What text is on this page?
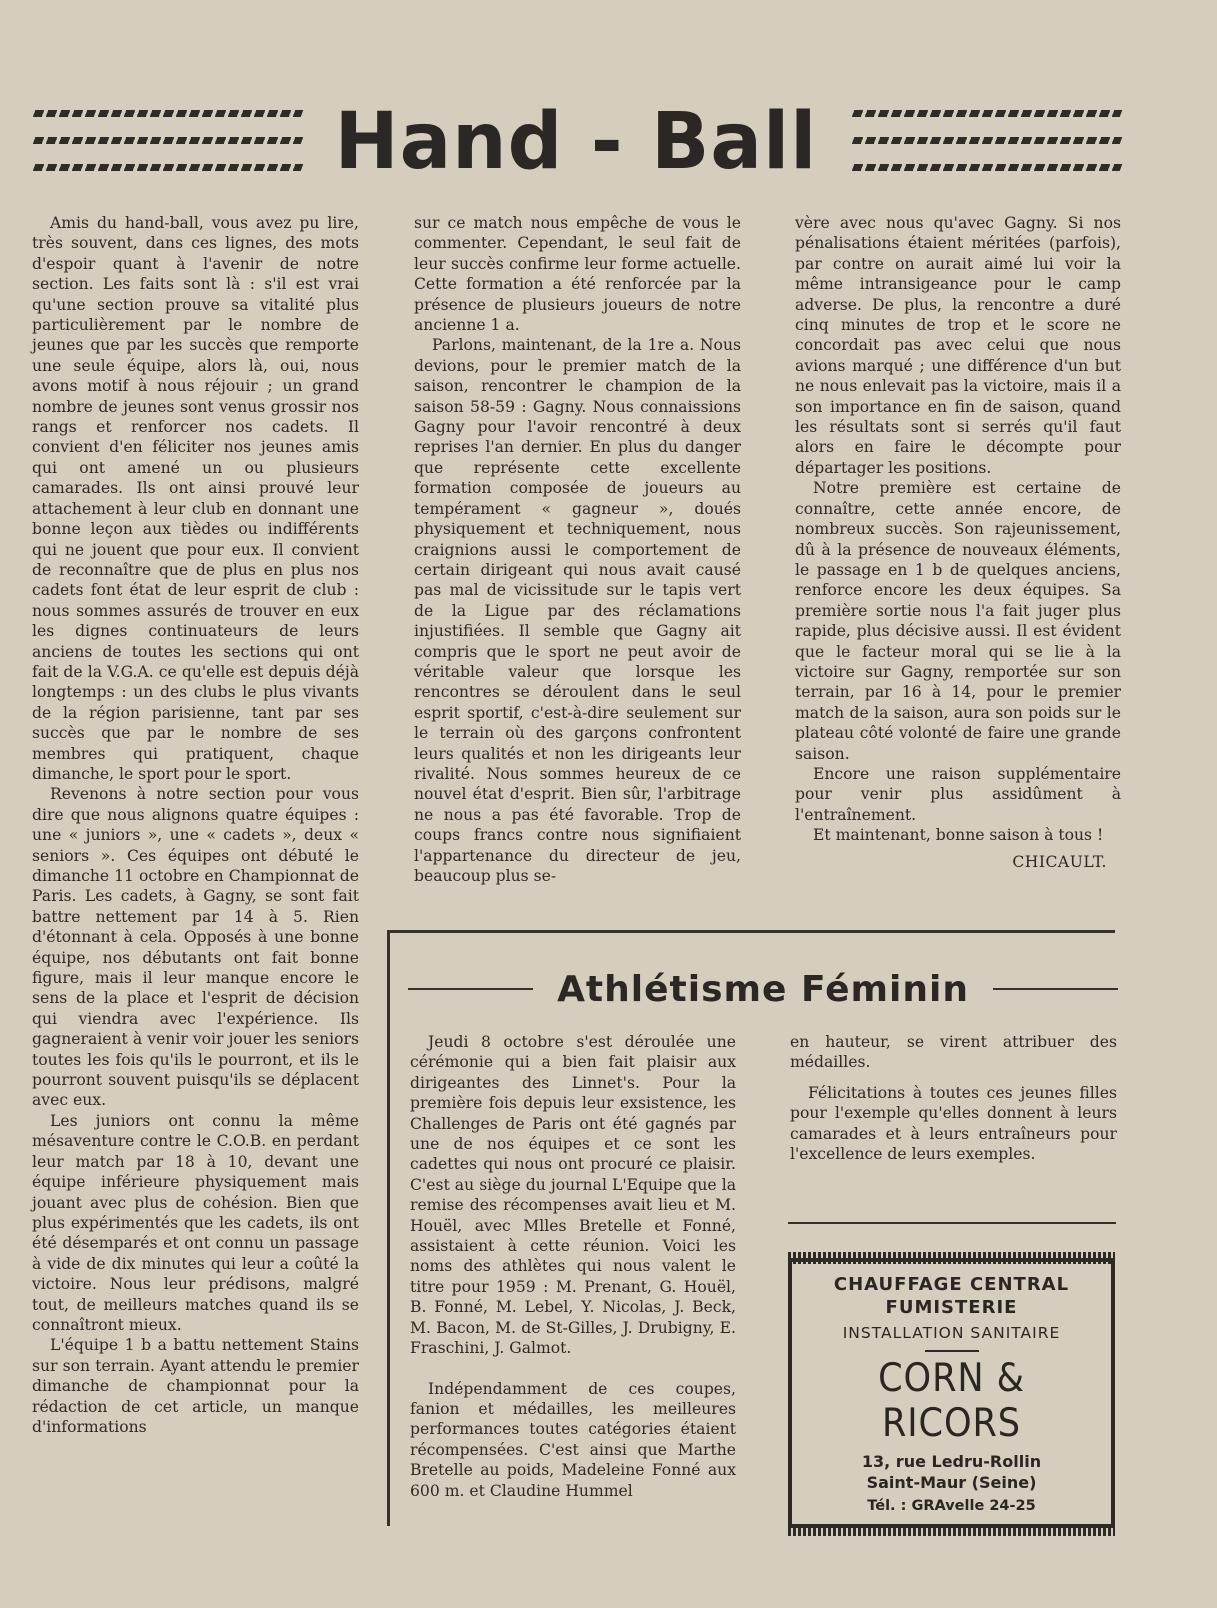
Hand - Ball

Amis du hand-ball, vous avez pu lire, très souvent, dans ces lignes, des mots d'espoir quant à l'avenir de notre section. Les faits sont là : s'il est vrai qu'une section prouve sa vitalité plus particulièrement par le nombre de jeunes que par les succès que remporte une seule équipe, alors là, oui, nous avons motif à nous réjouir ; un grand nombre de jeunes sont venus grossir nos rangs et renforcer nos cadets. Il convient d'en féliciter nos jeunes amis qui ont amené un ou plusieurs camarades. Ils ont ainsi prouvé leur attachement à leur club en donnant une bonne leçon aux tièdes ou indifférents qui ne jouent que pour eux. Il convient de reconnaître que de plus en plus nos cadets font état de leur esprit de club : nous sommes assurés de trouver en eux les dignes continuateurs de leurs anciens de toutes les sections qui ont fait de la V.G.A. ce qu'elle est depuis déjà longtemps : un des clubs le plus vivants de la région parisienne, tant par ses succès que par le nombre de ses membres qui pratiquent, chaque dimanche, le sport pour le sport.

Revenons à notre section pour vous dire que nous alignons quatre équipes : une « juniors », une « cadets », deux « seniors ». Ces équipes ont débuté le dimanche 11 octobre en Championnat de Paris. Les cadets, à Gagny, se sont fait battre nettement par 14 à 5. Rien d'étonnant à cela. Opposés à une bonne équipe, nos débutants ont fait bonne figure, mais il leur manque encore le sens de la place et l'esprit de décision qui viendra avec l'expérience. Ils gagneraient à venir voir jouer les seniors toutes les fois qu'ils le pourront, et ils le pourront souvent puisqu'ils se déplacent avec eux.

Les juniors ont connu la même mésaventure contre le C.O.B. en perdant leur match par 18 à 10, devant une équipe inférieure physiquement mais jouant avec plus de cohésion. Bien que plus expérimentés que les cadets, ils ont été désemparés et ont connu un passage à vide de dix minutes qui leur a coûté la victoire. Nous leur prédisons, malgré tout, de meilleurs matches quand ils se connaîtront mieux.

L'équipe 1 b a battu nettement Stains sur son terrain. Ayant attendu le premier dimanche de championnat pour la rédaction de cet article, un manque d'informations

sur ce match nous empêche de vous le commenter. Cependant, le seul fait de leur succès confirme leur forme actuelle. Cette formation a été renforcée par la présence de plusieurs joueurs de notre ancienne 1 a.

Parlons, maintenant, de la 1re a. Nous devions, pour le premier match de la saison, rencontrer le champion de la saison 58-59 : Gagny. Nous connaissions Gagny pour l'avoir rencontré à deux reprises l'an dernier. En plus du danger que représente cette excellente formation composée de joueurs au tempérament « gagneur », doués physiquement et techniquement, nous craignions aussi le comportement de certain dirigeant qui nous avait causé pas mal de vicissitude sur le tapis vert de la Ligue par des réclamations injustifiées. Il semble que Gagny ait compris que le sport ne peut avoir de véritable valeur que lorsque les rencontres se déroulent dans le seul esprit sportif, c'est-à-dire seulement sur le terrain où des garçons confrontent leurs qualités et non les dirigeants leur rivalité. Nous sommes heureux de ce nouvel état d'esprit. Bien sûr, l'arbitrage ne nous a pas été favorable. Trop de coups francs contre nous signifiaient l'appartenance du directeur de jeu, beaucoup plus se-

vère avec nous qu'avec Gagny. Si nos pénalisations étaient méritées (parfois), par contre on aurait aimé lui voir la même intransigeance pour le camp adverse. De plus, la rencontre a duré cinq minutes de trop et le score ne concordait pas avec celui que nous avions marqué ; une différence d'un but ne nous enlevait pas la victoire, mais il a son importance en fin de saison, quand les résultats sont si serrés qu'il faut alors en faire le décompte pour départager les positions.

Notre première est certaine de connaître, cette année encore, de nombreux succès. Son rajeunissement, dû à la présence de nouveaux éléments, le passage en 1 b de quelques anciens, renforce encore les deux équipes. Sa première sortie nous l'a fait juger plus rapide, plus décisive aussi. Il est évident que le facteur moral qui se lie à la victoire sur Gagny, remportée sur son terrain, par 16 à 14, pour le premier match de la saison, aura son poids sur le plateau côté volonté de faire une grande saison.

Encore une raison supplémentaire pour venir plus assidûment à l'entraînement.

Et maintenant, bonne saison à tous !

CHICAULT.
Athlétisme Féminin

Jeudi 8 octobre s'est déroulée une cérémonie qui a bien fait plaisir aux dirigeantes des Linnet's. Pour la première fois depuis leur exsistence, les Challenges de Paris ont été gagnés par une de nos équipes et ce sont les cadettes qui nous ont procuré ce plaisir. C'est au siège du journal L'Equipe que la remise des récompenses avait lieu et M. Houël, avec Mlles Bretelle et Fonné, assistaient à cette réunion. Voici les noms des athlètes qui nous valent le titre pour 1959 : M. Prenant, G. Houël, B. Fonné, M. Lebel, Y. Nicolas, J. Beck, M. Bacon, M. de St-Gilles, J. Drubigny, E. Fraschini, J. Galmot.

Indépendamment de ces coupes, fanion et médailles, les meilleures performances toutes catégories étaient récompensées. C'est ainsi que Marthe Bretelle au poids, Madeleine Fonné aux 600 m. et Claudine Hummel

en hauteur, se virent attribuer des médailles.

Félicitations à toutes ces jeunes filles pour l'exemple qu'elles donnent à leurs camarades et à leurs entraîneurs pour l'excellence de leurs exemples.

CHAUFFAGE CENTRAL
FUMISTERIE
INSTALLATION SANITAIRE
CORN & RICORS
13, rue Ledru-Rollin
Saint-Maur (Seine)
Tél. : GRAvelle 24-25
